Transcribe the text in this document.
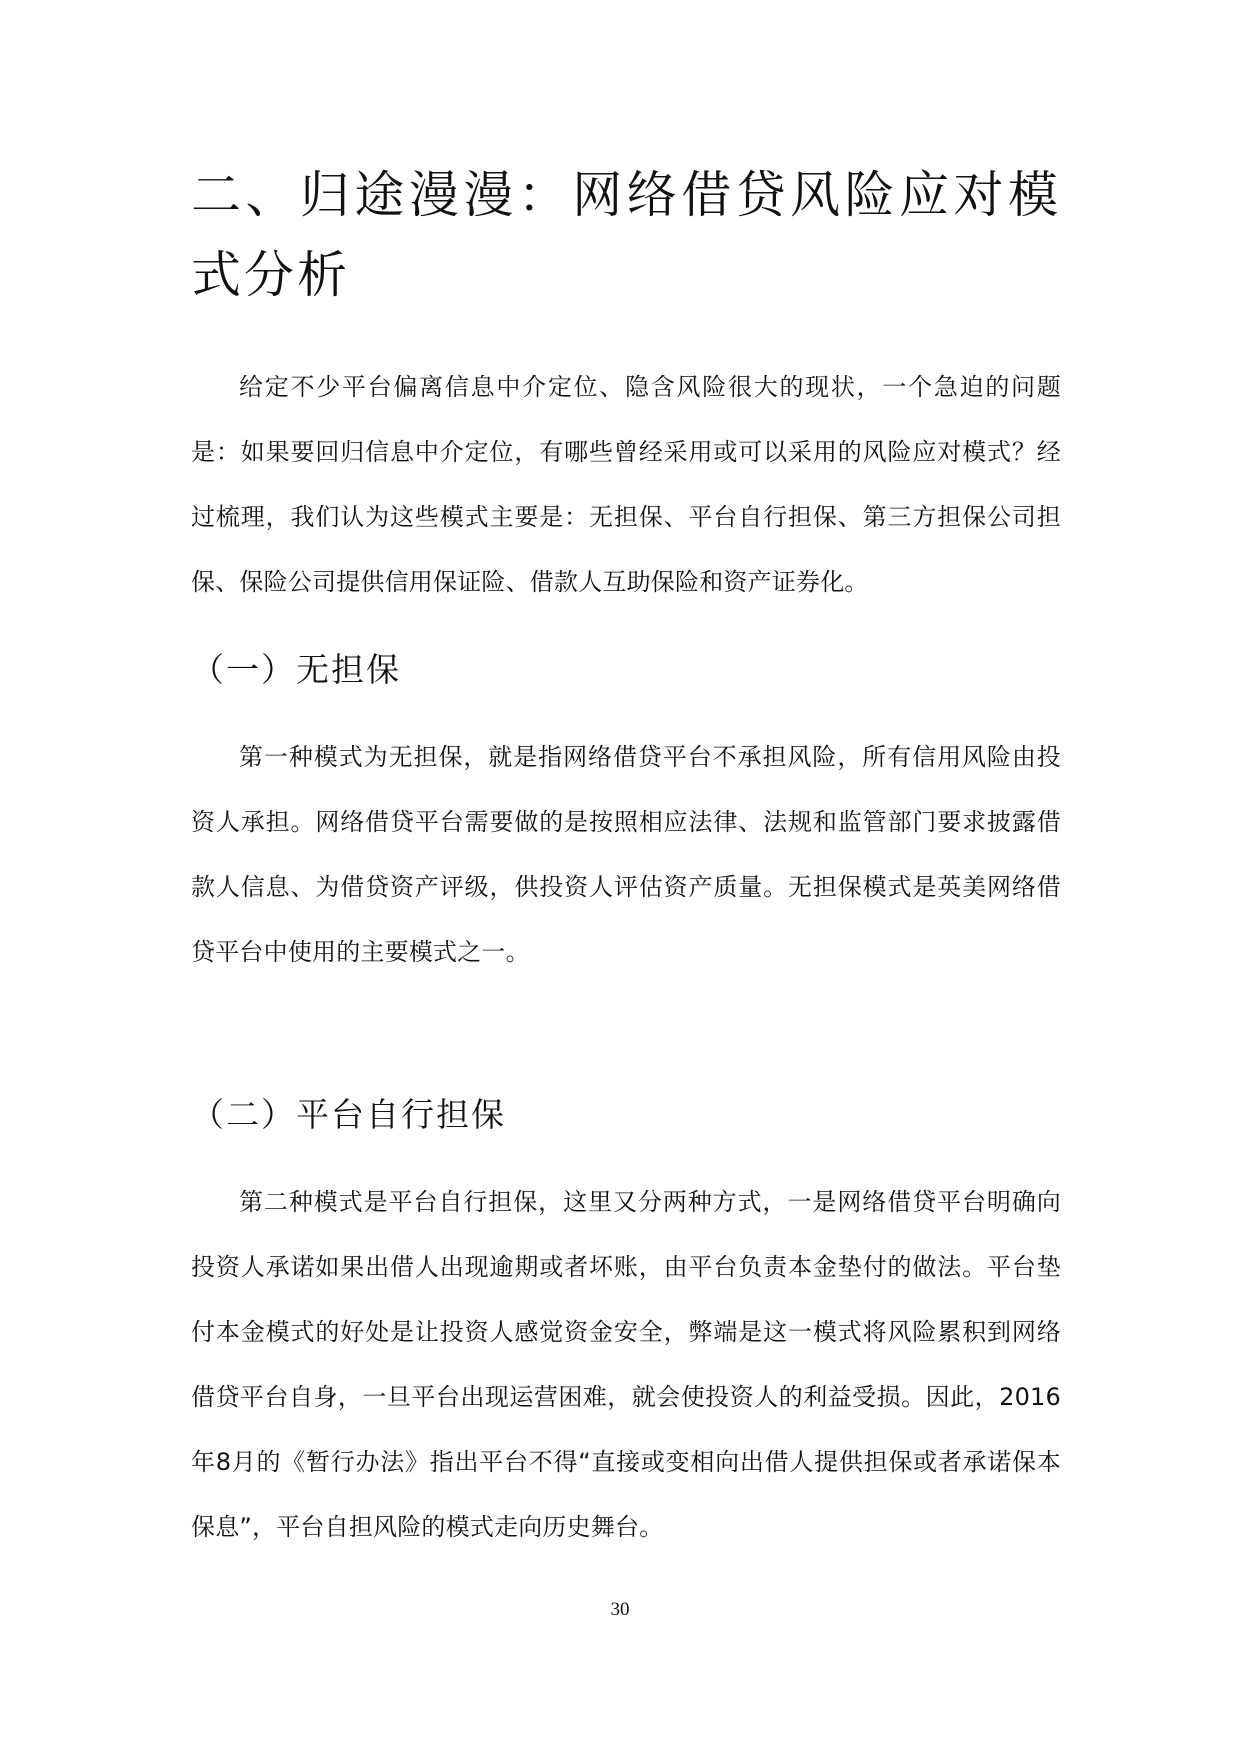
二、归途漫漫：网络借贷风险应对模式分析

给定不少平台偏离信息中介定位、隐含风险很大的现状，一个急迫的问题是：如果要回归信息中介定位，有哪些曾经采用或可以采用的风险应对模式？经过梳理，我们认为这些模式主要是：无担保、平台自行担保、第三方担保公司担保、保险公司提供信用保证险、借款人互助保险和资产证券化。

（一）无担保

第一种模式为无担保，就是指网络借贷平台不承担风险，所有信用风险由投资人承担。网络借贷平台需要做的是按照相应法律、法规和监管部门要求披露借款人信息、为借贷资产评级，供投资人评估资产质量。无担保模式是英美网络借贷平台中使用的主要模式之一。

（二）平台自行担保

第二种模式是平台自行担保，这里又分两种方式，一是网络借贷平台明确向投资人承诺如果出借人出现逾期或者坏账，由平台负责本金垫付的做法。平台垫付本金模式的好处是让投资人感觉资金安全，弊端是这一模式将风险累积到网络借贷平台自身，一旦平台出现运营困难，就会使投资人的利益受损。因此，2016年8月的《暂行办法》指出平台不得“直接或变相向出借人提供担保或者承诺保本保息”，平台自担风险的模式走向历史舞台。

30
